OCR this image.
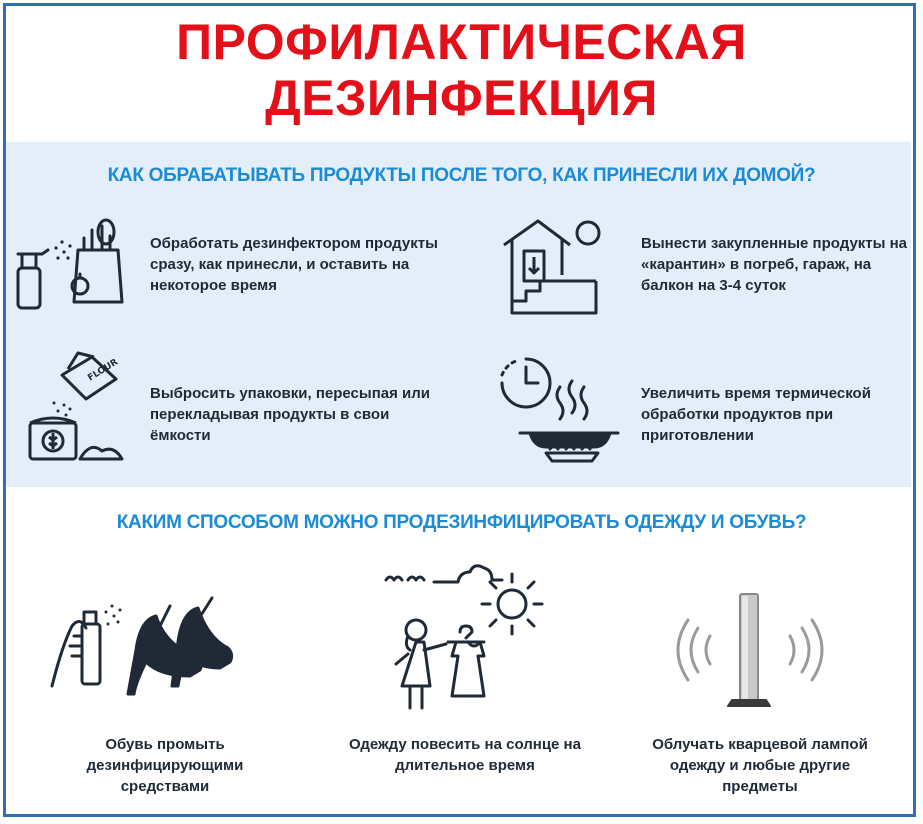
ПРОФИЛАКТИЧЕСКАЯ
ДЕЗИНФЕКЦИЯ
КАК ОБРАБАТЫВАТЬ ПРОДУКТЫ ПОСЛЕ ТОГО, КАК ПРИНЕСЛИ ИХ ДОМОЙ?
Обработать дезинфектором продукты сразу, как принесли, и оставить на некоторое время
Вынести закупленные продукты на «карантин» в погреб, гараж, на балкон на 3-4 суток
FLOUR
Выбросить упаковки, пересыпая или перекладывая продукты в свои ёмкости
Увеличить время термической обработки продуктов при приготовлении
КАКИМ СПОСОБОМ МОЖНО ПРОДЕЗИНФИЦИРОВАТЬ ОДЕЖДУ И ОБУВЬ?
Обувь промыть дезинфицирующими средствами
Одежду повесить на солнце на длительное время
Облучать кварцевой лампой одежду и любые другие предметы
